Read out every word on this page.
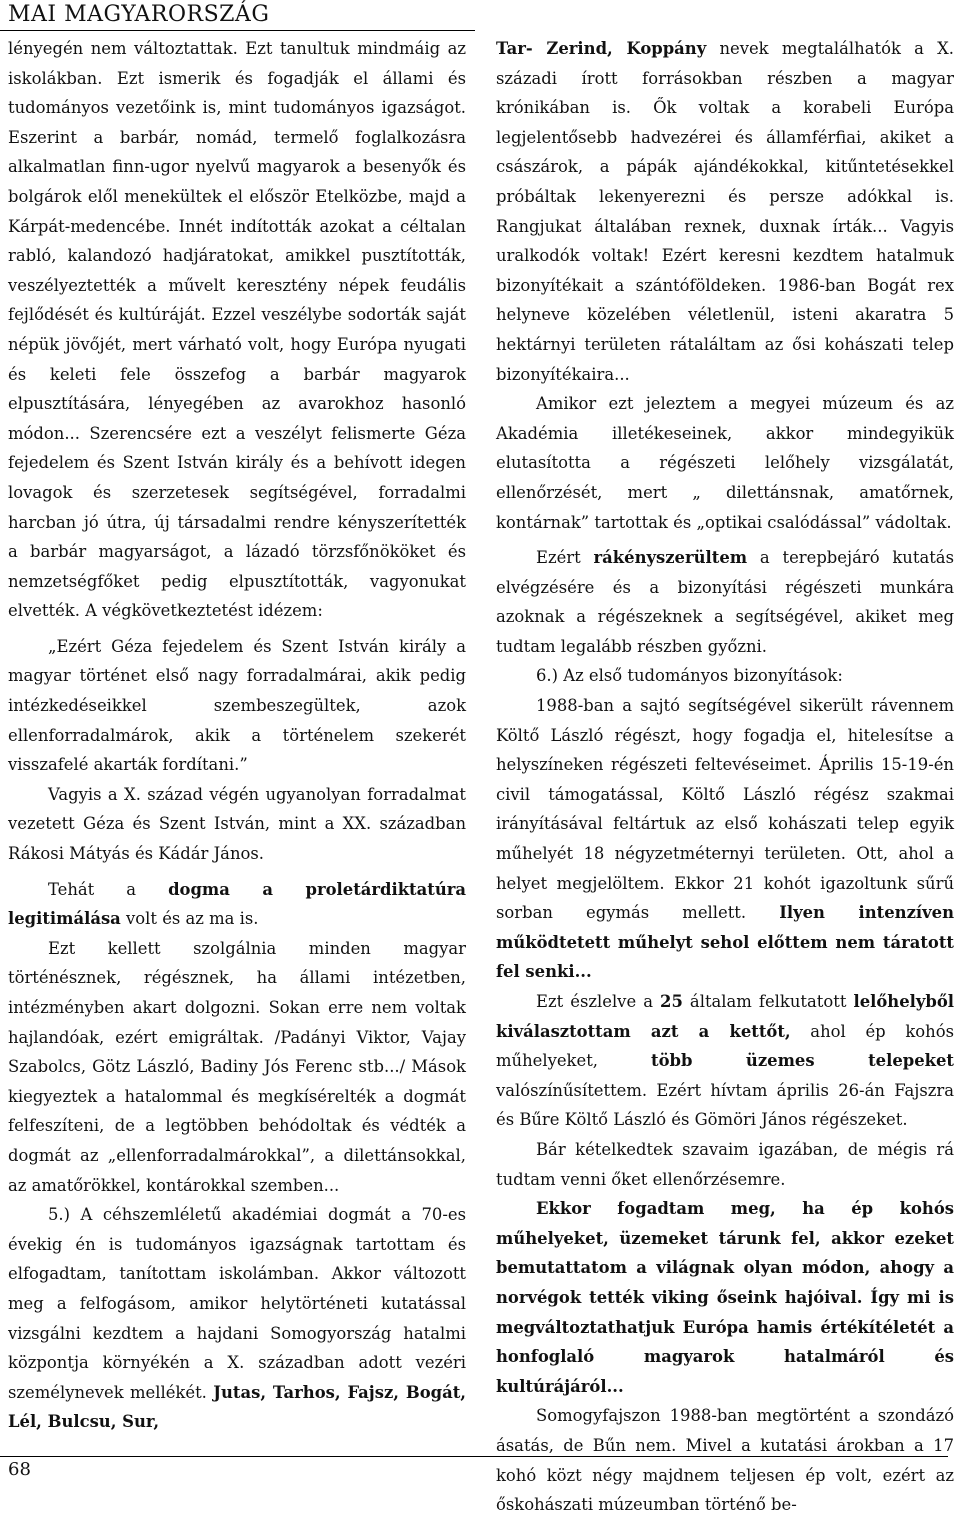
MAI MAGYARORSZÁG

lényegén nem változtattak. Ezt tanultuk mindmáig az iskolákban. Ezt ismerik és fogadják el állami és tudományos vezetőink is, mint tudományos igazságot. Eszerint a barbár, nomád, termelő foglalkozásra alkalmatlan finn-ugor nyelvű magyarok a besenyők és bolgárok elől menekültek el először Etelközbe, majd a Kárpát-medencébe. Innét indították azokat a céltalan rabló, kalandozó hadjáratokat, amikkel pusztították, veszélyeztették a művelt keresztény népek feudális fejlődését és kultúráját. Ezzel veszélybe sodorták saját népük jövőjét, mert várható volt, hogy Európa nyugati és keleti fele összefog a barbár magyarok elpusztítására, lényegében az avarokhoz hasonló módon... Szerencsére ezt a veszélyt felismerte Géza fejedelem és Szent István király és a behívott idegen lovagok és szerzetesek segítségével, forradalmi harcban jó útra, új társadalmi rendre kényszerítették a barbár magyarságot, a lázadó törzsfőnököket és nemzetségfőket pedig elpusztították, vagyonukat elvették. A végkövetkeztetést idézem:

„Ezért Géza fejedelem és Szent István király a magyar történet első nagy forradalmárai, akik pedig intézkedéseikkel szembeszegültek, azok ellenforradalmárok, akik a történelem szekerét visszafelé akarták fordítani.”

Vagyis a X. század végén ugyanolyan forradalmat vezetett Géza és Szent István, mint a XX. században Rákosi Mátyás és Kádár János.

Tehát a dogma a proletárdiktatúra legitimálása volt és az ma is.

Ezt kellett szolgálnia minden magyar történésznek, régésznek, ha állami intézetben, intézményben akart dolgozni. Sokan erre nem voltak hajlandóak, ezért emigráltak. /Padányi Viktor, Vajay Szabolcs, Götz László, Badiny Jós Ferenc stb.../ Mások kiegyeztek a hatalommal és megkísérelték a dogmát felfeszíteni, de a legtöbben behódoltak és védték a dogmát az „ellenforradalmárokkal”, a dilettánsokkal, az amatőrökkel, kontárokkal szemben...

5.) A céhszemléletű akadémiai dogmát a 70-es évekig én is tudományos igazságnak tartottam és elfogadtam, tanítottam iskolámban. Akkor változott meg a felfogásom, amikor helytörténeti kutatással vizsgálni kezdtem a hajdani Somogyország hatalmi központja környékén a X. században adott vezéri személynevek mellékét. Jutas, Tarhos, Fajsz, Bogát, Lél, Bulcsu, Sur,

Tar- Zerind, Koppány nevek megtalálhatók a X. századi írott forrásokban részben a magyar krónikában is. Ők voltak a korabeli Európa legjelentősebb hadvezérei és államférfiai, akiket a császárok, a pápák ajándékokkal, kitűntetésekkel próbáltak lekenyerezni és persze adókkal is. Rangjukat általában rexnek, duxnak írták... Vagyis uralkodók voltak! Ezért keresni kezdtem hatalmuk bizonyítékait a szántóföldeken. 1986-ban Bogát rex helyneve közelében véletlenül, isteni akaratra 5 hektárnyi területen rátaláltam az ősi kohászati telep bizonyítékaira...

Amikor ezt jeleztem a megyei múzeum és az Akadémia illetékeseinek, akkor mindegyikük elutasította a régészeti lelőhely vizsgálatát, ellenőrzését, mert „ dilettánsnak, amatőrnek, kontárnak” tartottak és „optikai csalódással” vádoltak.

Ezért rákényszerültem a terepbejáró kutatás elvégzésére és a bizonyítási régészeti munkára azoknak a régészeknek a segítségével, akiket meg tudtam legalább részben győzni.

6.) Az első tudományos bizonyítások:

1988-ban a sajtó segítségével sikerült rávennem Költő László régészt, hogy fogadja el, hitelesítse a helyszíneken régészeti feltevéseimet. Április 15-19-én civil támogatással, Költő László régész szakmai irányításával feltártuk az első kohászati telep egyik műhelyét 18 négyzetméternyi területen. Ott, ahol a helyet megjelöltem. Ekkor 21 kohót igazoltunk sűrű sorban egymás mellett. Ilyen intenzíven működtetett műhelyt sehol előttem nem táratott fel senki...

Ezt észlelve a 25 általam felkutatott lelőhelyből kiválasztottam azt a kettőt, ahol ép kohós műhelyeket, több üzemes telepeket valószínűsítettem. Ezért hívtam április 26-án Fajszra és Bűre Költő László és Gömöri János régészeket.

Bár kételkedtek szavaim igazában, de mégis rá tudtam venni őket ellenőrzésemre.

Ekkor fogadtam meg, ha ép kohós műhelyeket, üzemeket tárunk fel, akkor ezeket bemutattatom a világnak olyan módon, ahogy a norvégok tették viking őseink hajóival. Így mi is megváltoztathatjuk Európa hamis értékítéletét a honfoglaló magyarok hatalmáról és kultúrájáról...

Somogyfajszon 1988-ban megtörtént a szondázó ásatás, de Bűn nem. Mivel a kutatási árokban a 17 kohó közt négy majdnem teljesen ép volt, ezért az őskohászati múzeumban történő be-

68
